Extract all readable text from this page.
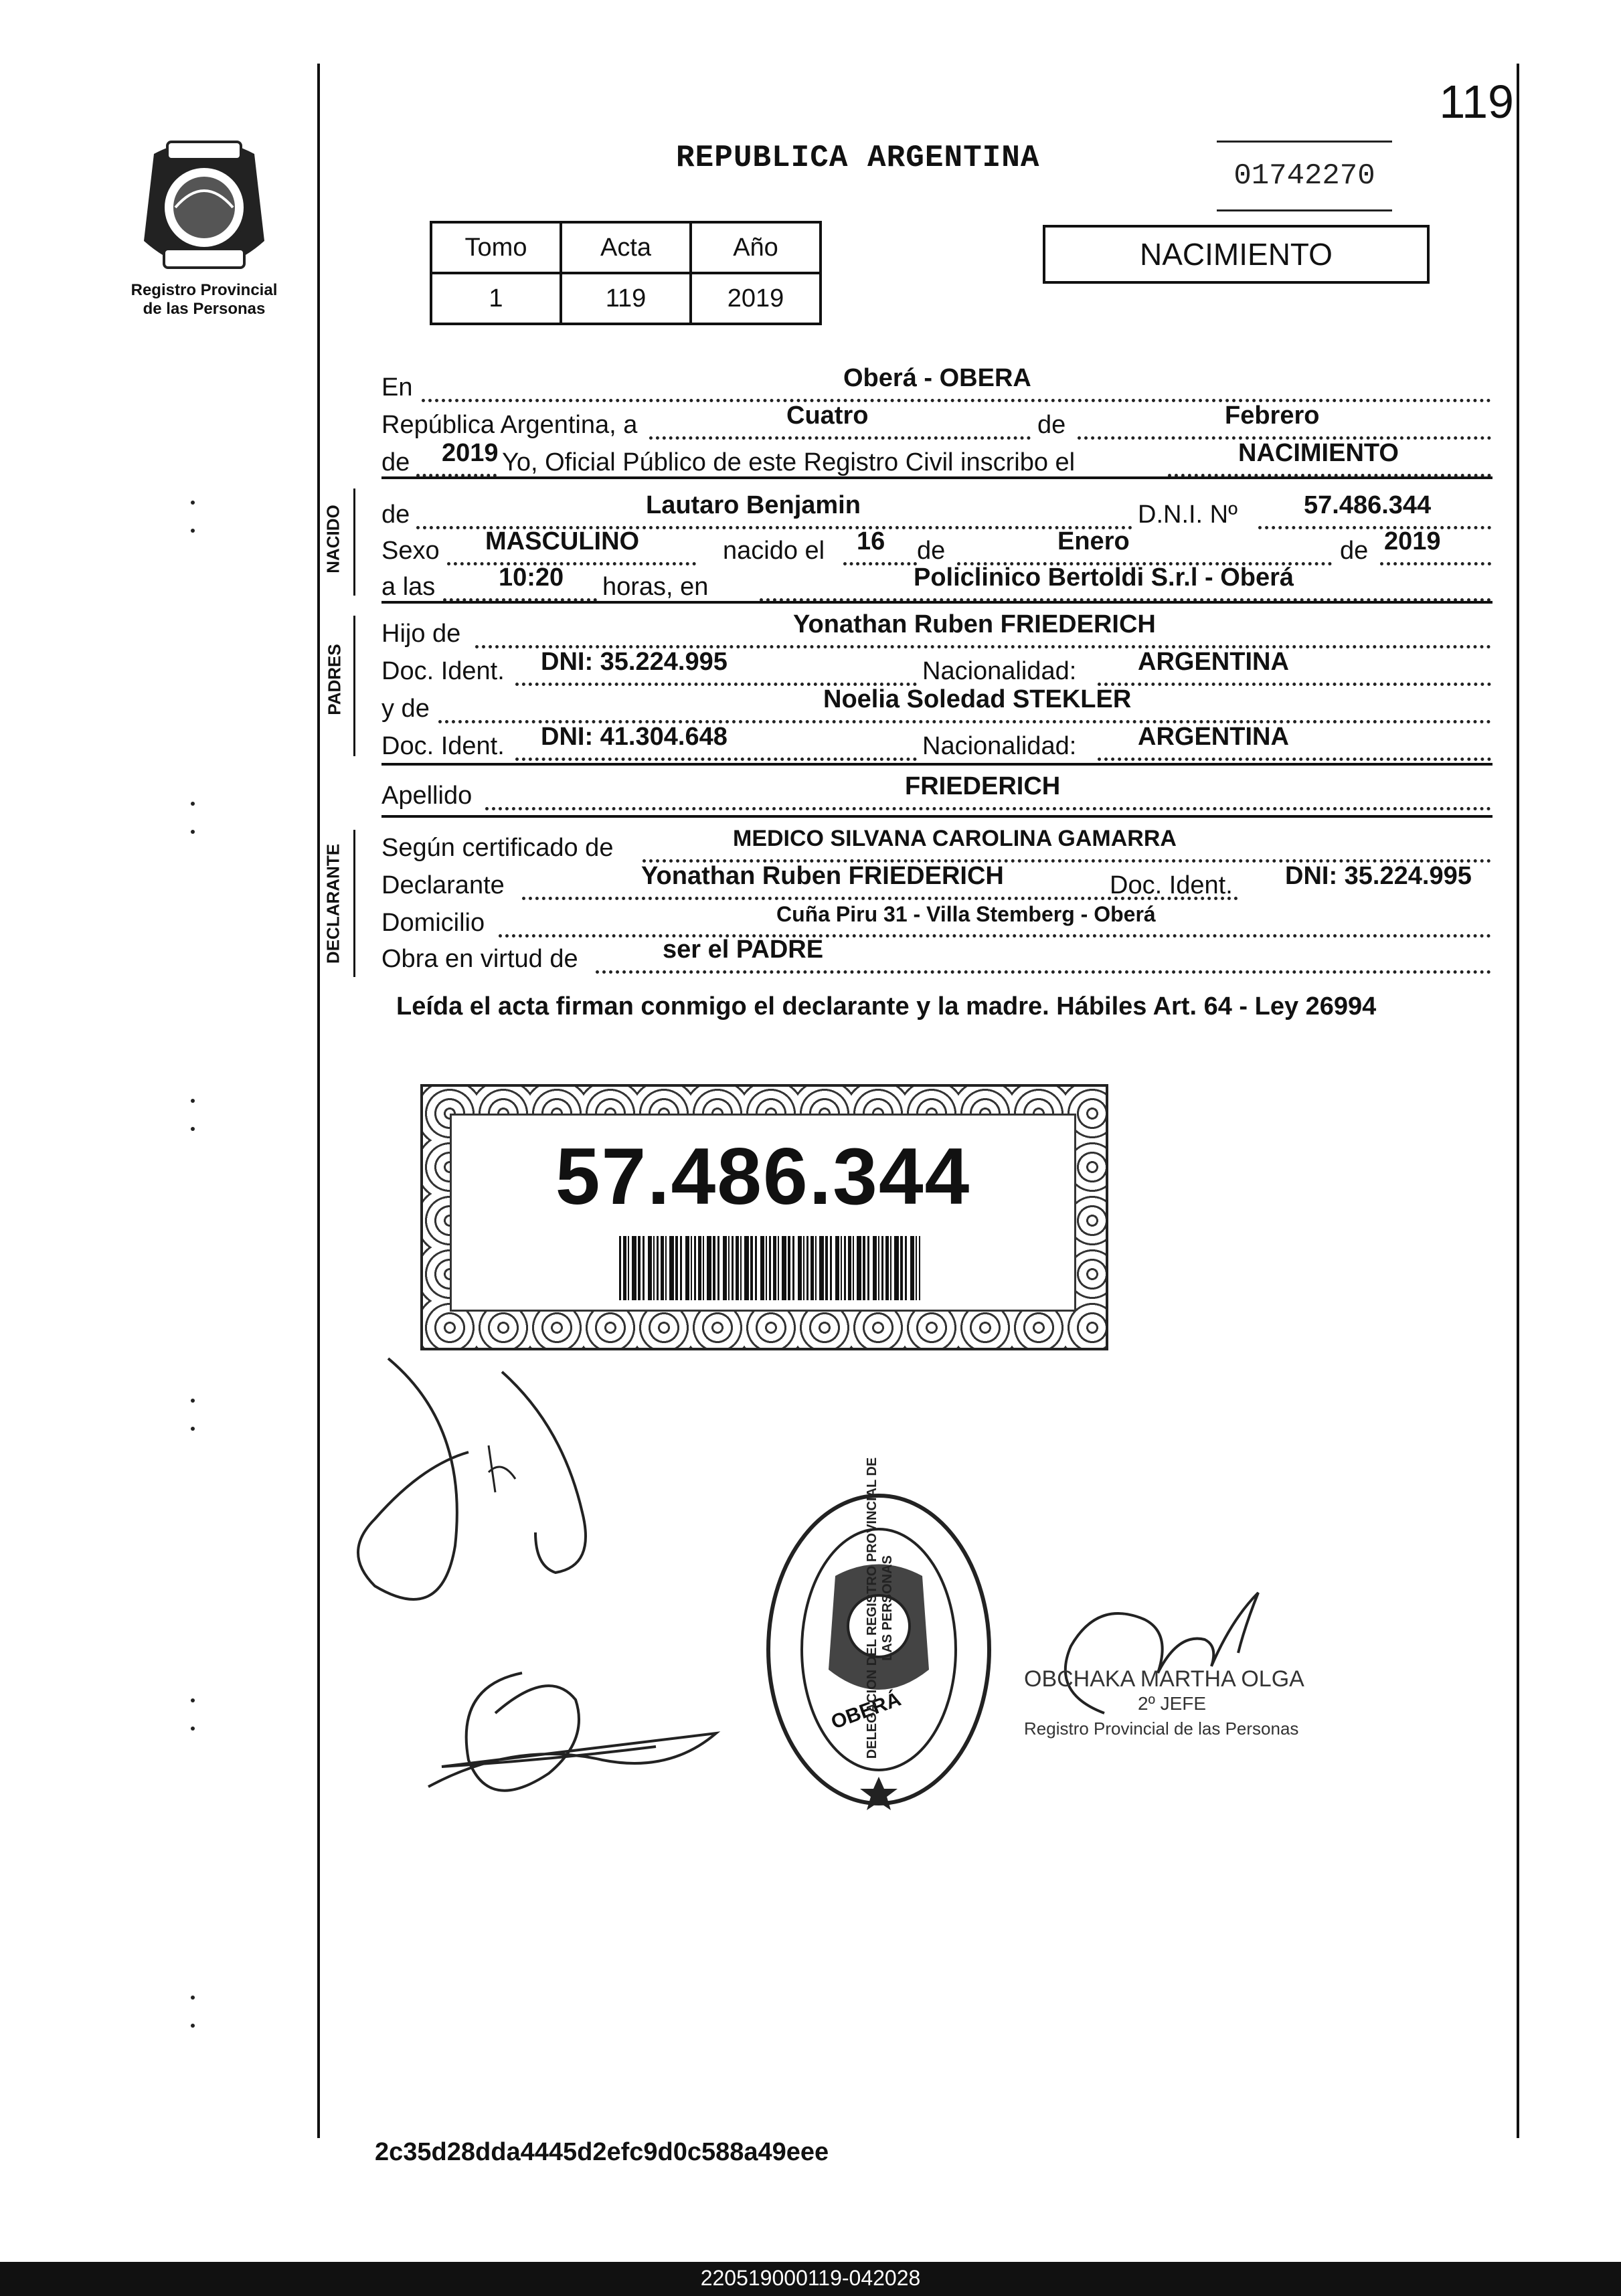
Registro Provincial
de las Personas
119
REPUBLICA ARGENTINA
01742270
Tomo	Acta	Año
1	119	2019
NACIMIENTO
En	Oberá - OBERA
República Argentina, a	Cuatro	de	Febrero
de 2019 Yo, Oficial Público de este Registro Civil inscribo el	NACIMIENTO
NACIDO de	Lautaro Benjamin	D.N.I. Nº	57.486.344
Sexo MASCULINO	nacido el 16 de	Enero	de 2019
a las 10:20 horas, en	Policlinico Bertoldi S.r.l - Oberá
PADRES
Hijo de	Yonathan Ruben FRIEDERICH
Doc. Ident. DNI: 35.224.995	Nacionalidad: ARGENTINA
y de	Noelia Soledad STEKLER
Doc. Ident. DNI: 41.304.648	Nacionalidad: ARGENTINA
Apellido	FRIEDERICH
DECLARANTE Según certificado de	MEDICO SILVANA CAROLINA GAMARRA
Declarante	Yonathan Ruben FRIEDERICH	Doc. Ident. DNI: 35.224.995
Domicilio	Cuña Piru 31 - Villa Stemberg - Oberá
Obra en virtud de	ser el PADRE
Leída el acta firman conmigo el declarante y la madre. Hábiles Art. 64 - Ley 26994
57.486.344
OBERÁ
DELEGACION DEL REGISTRO PROVINCIAL DE LAS PERSONAS
OBCHAKA MARTHA OLGA
2º JEFE
Registro Provincial de las Personas
2c35d28dda4445d2efc9d0c588a49eee
220519000119-042028
